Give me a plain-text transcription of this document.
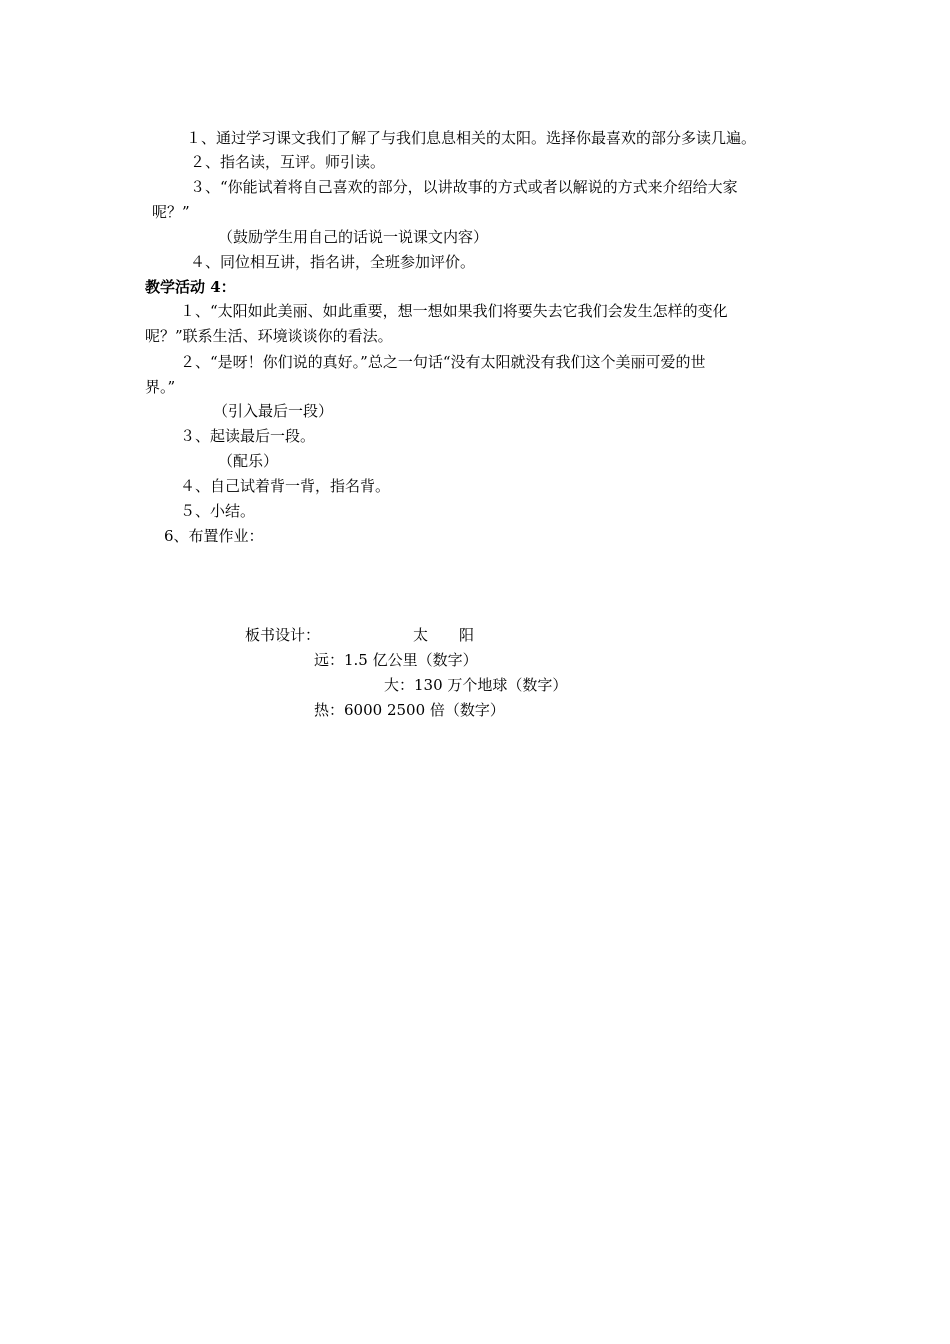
１、通过学习课文我们了解了与我们息息相关的太阳。选择你最喜欢的部分多读几遍。
２、指名读，互评。师引读。
３、“你能试着将自己喜欢的部分，以讲故事的方式或者以解说的方式来介绍给大家
呢？”
（鼓励学生用自己的话说一说课文内容）
４、同位相互讲，指名讲，全班参加评价。
教学活动 4：
１、“太阳如此美丽、如此重要，想一想如果我们将要失去它我们会发生怎样的变化
呢？”联系生活、环境谈谈你的看法。
２、“是呀！你们说的真好。”总之一句话“没有太阳就没有我们这个美丽可爱的世
界。”
（引入最后一段）
３、起读最后一段。
（配乐）
４、自己试着背一背，指名背。
５、小结。
6、布置作业：
板书设计：	太 阳
远：1.5 亿公里（数字）
大：130 万个地球（数字）
热：6000 2500 倍（数字）
